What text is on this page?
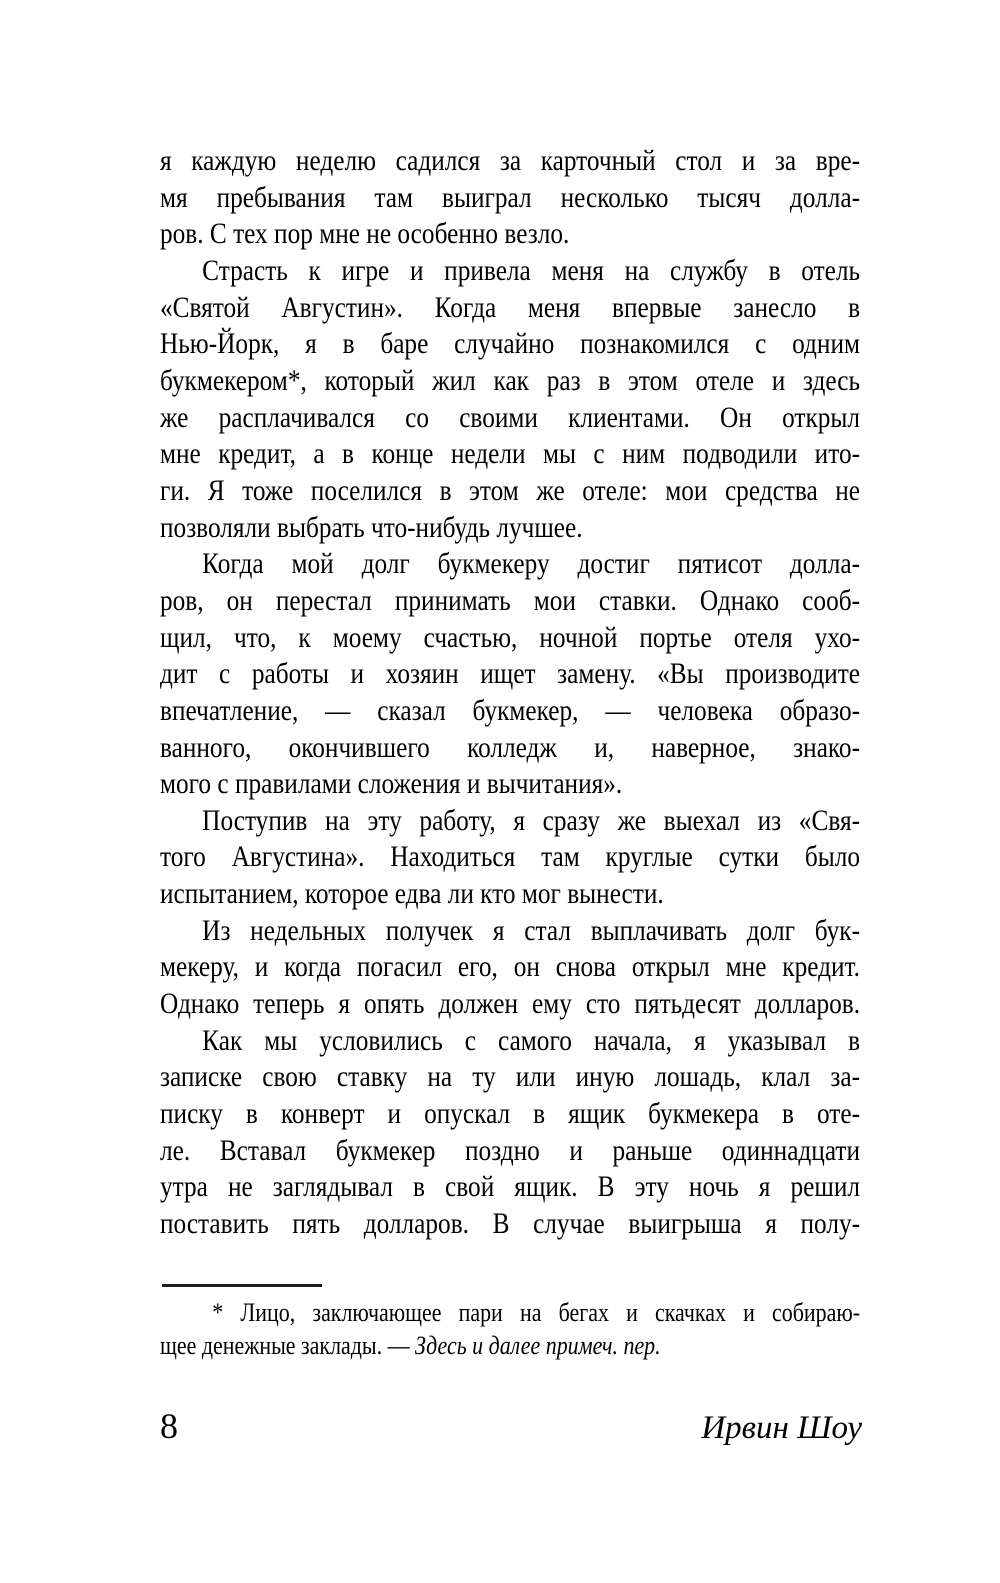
я каждую неделю садился за карточный стол и за вре-
мя пребывания там выиграл несколько тысяч долла-
ров. С тех пор мне не особенно везло.

Страсть к игре и привела меня на службу в отель
«Святой Августин». Когда меня впервые занесло в
Нью-Йорк, я в баре случайно познакомился с одним
букмекером*, который жил как раз в этом отеле и здесь
же расплачивался со своими клиентами. Он открыл
мне кредит, а в конце недели мы с ним подводили ито-
ги. Я тоже поселился в этом же отеле: мои средства не
позволяли выбрать что-нибудь лучшее.

Когда мой долг букмекеру достиг пятисот долла-
ров, он перестал принимать мои ставки. Однако сооб-
щил, что, к моему счастью, ночной портье отеля ухо-
дит с работы и хозяин ищет замену. «Вы производите
впечатление, — сказал букмекер, — человека образо-
ванного, окончившего колледж и, наверное, знако-
мого с правилами сложения и вычитания».

Поступив на эту работу, я сразу же выехал из «Свя-
того Августина». Находиться там круглые сутки было
испытанием, которое едва ли кто мог вынести.

Из недельных получек я стал выплачивать долг бук-
мекеру, и когда погасил его, он снова открыл мне кредит.
Однако теперь я опять должен ему сто пятьдесят долларов.

Как мы условились с самого начала, я указывал в
записке свою ставку на ту или иную лошадь, клал за-
писку в конверт и опускал в ящик букмекера в оте-
ле. Вставал букмекер поздно и раньше одиннадцати
утра не заглядывал в свой ящик. В эту ночь я решил
поставить пять долларов. В случае выигрыша я полу-

* Лицо, заключающее пари на бегах и скачках и собираю-
щее денежные заклады. — Здесь и далее примеч. пер.
8	Ирвин Шоу
